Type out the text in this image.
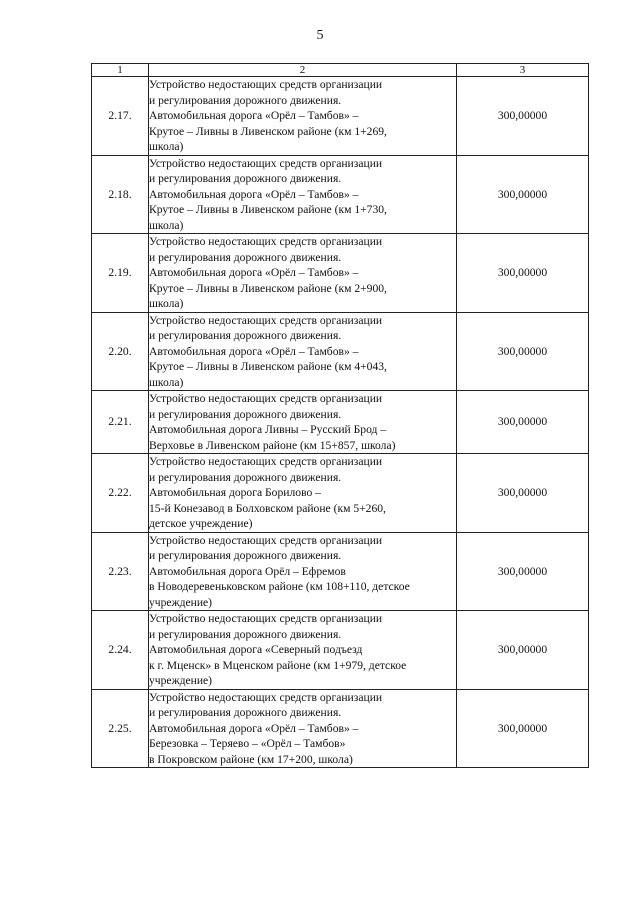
5
1	2	3
2.17.	Устройство недостающих средств организации
и регулирования дорожного движения.
Автомобильная дорога «Орёл – Тамбов» –
Крутое – Ливны в Ливенском районе (км 1+269,
школа)	300,00000
2.18.	Устройство недостающих средств организации
и регулирования дорожного движения.
Автомобильная дорога «Орёл – Тамбов» –
Крутое – Ливны в Ливенском районе (км 1+730,
школа)	300,00000
2.19.	Устройство недостающих средств организации
и регулирования дорожного движения.
Автомобильная дорога «Орёл – Тамбов» –
Крутое – Ливны в Ливенском районе (км 2+900,
школа)	300,00000
2.20.	Устройство недостающих средств организации
и регулирования дорожного движения.
Автомобильная дорога «Орёл – Тамбов» –
Крутое – Ливны в Ливенском районе (км 4+043,
школа)	300,00000
2.21.	Устройство недостающих средств организации
и регулирования дорожного движения.
Автомобильная дорога Ливны – Русский Брод –
Верховье в Ливенском районе (км 15+857, школа)	300,00000
2.22.	Устройство недостающих средств организации
и регулирования дорожного движения.
Автомобильная дорога Борилово –
15-й Конезавод в Болховском районе (км 5+260,
детское учреждение)	300,00000
2.23.	Устройство недостающих средств организации
и регулирования дорожного движения.
Автомобильная дорога Орёл – Ефремов
в Новодеревеньковском районе (км 108+110, детское
учреждение)	300,00000
2.24.	Устройство недостающих средств организации
и регулирования дорожного движения.
Автомобильная дорога «Северный подъезд
к г. Мценск» в Мценском районе (км 1+979, детское
учреждение)	300,00000
2.25.	Устройство недостающих средств организации
и регулирования дорожного движения.
Автомобильная дорога «Орёл – Тамбов» –
Березовка – Теряево – «Орёл – Тамбов»
в Покровском районе (км 17+200, школа)	300,00000
